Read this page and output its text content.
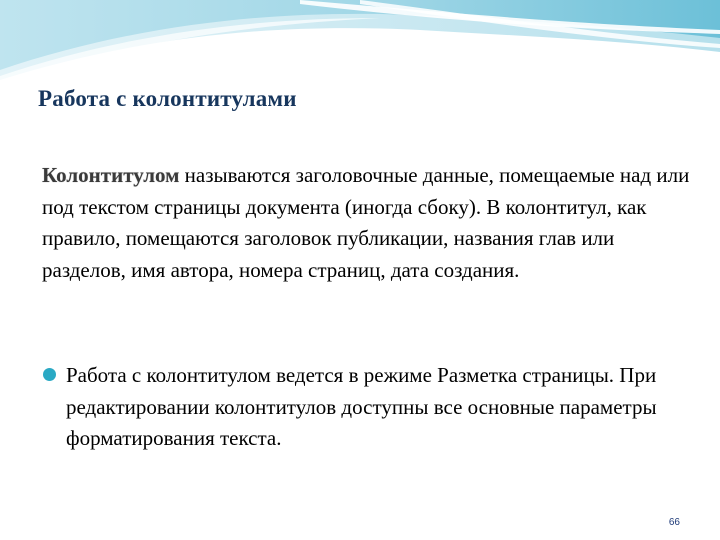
Работа с колонтитулами

Колонтитулом называются заголовочные данные, помещаемые над или под текстом страницы документа (иногда сбоку). В колонтитул, как правило, помещаются заголовок публикации, названия глав или разделов, имя автора, номера страниц, дата создания.

Работа с колонтитулом ведется в режиме Разметка страницы. При редактировании колонтитулов доступны все основные параметры форматирования текста.

66
